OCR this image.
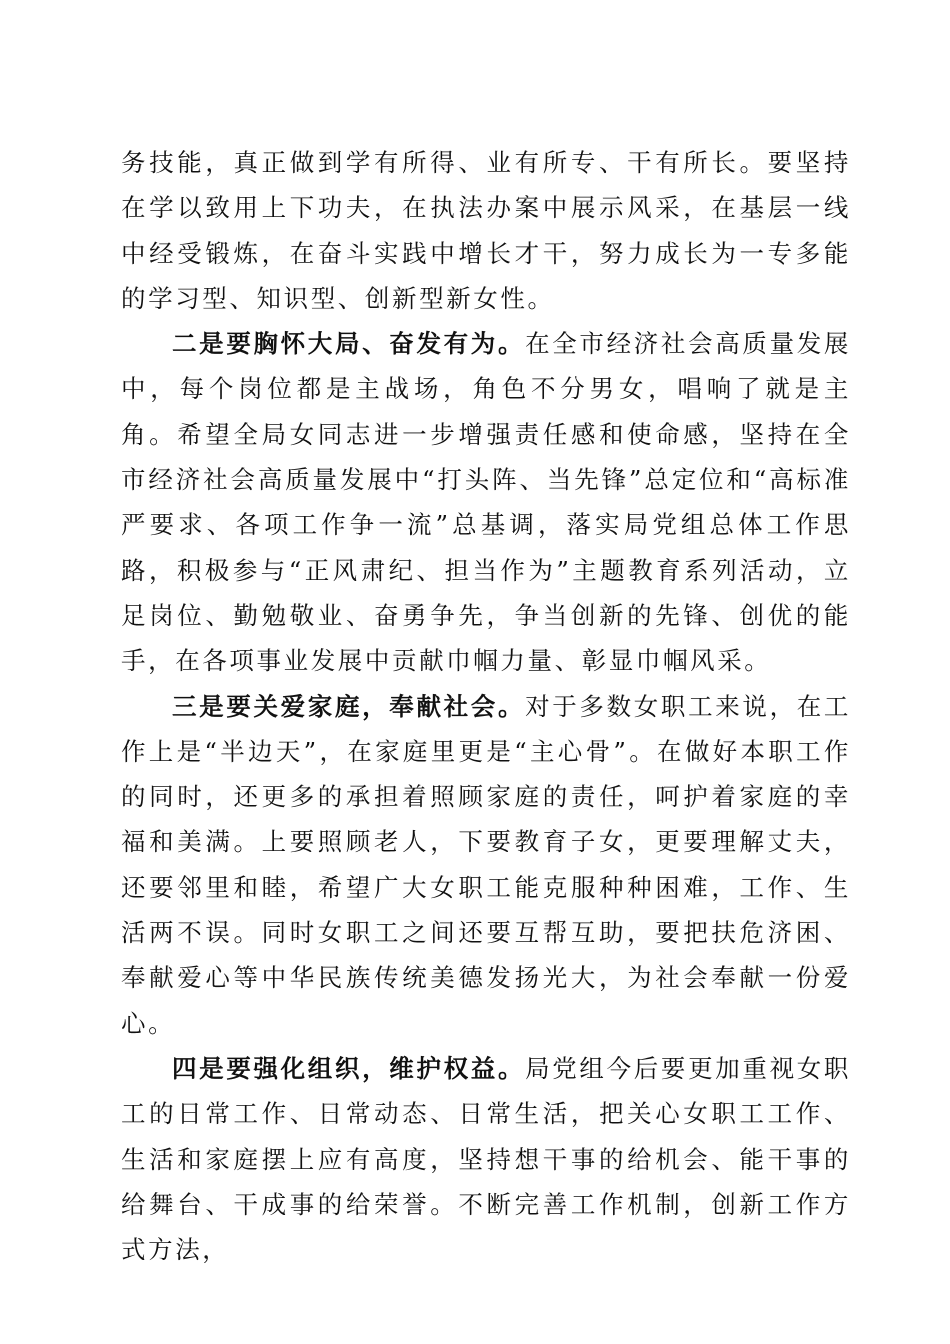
务技能，真正做到学有所得、业有所专、干有所长。要坚持在学以致用上下功夫，在执法办案中展示风采，在基层一线中经受锻炼，在奋斗实践中增长才干，努力成长为一专多能的学习型、知识型、创新型新女性。

二是要胸怀大局、奋发有为。在全市经济社会高质量发展中，每个岗位都是主战场，角色不分男女，唱响了就是主角。希望全局女同志进一步增强责任感和使命感，坚持在全市经济社会高质量发展中“打头阵、当先锋”总定位和“高标准严要求、各项工作争一流”总基调，落实局党组总体工作思路，积极参与“正风肃纪、担当作为”主题教育系列活动，立足岗位、勤勉敬业、奋勇争先，争当创新的先锋、创优的能手，在各项事业发展中贡献巾帼力量、彰显巾帼风采。

三是要关爱家庭，奉献社会。对于多数女职工来说，在工作上是“半边天”，在家庭里更是“主心骨”。在做好本职工作的同时，还更多的承担着照顾家庭的责任，呵护着家庭的幸福和美满。上要照顾老人，下要教育子女，更要理解丈夫，还要邻里和睦，希望广大女职工能克服种种困难，工作、生活两不误。同时女职工之间还要互帮互助，要把扶危济困、奉献爱心等中华民族传统美德发扬光大，为社会奉献一份爱心。

四是要强化组织，维护权益。局党组今后要更加重视女职工的日常工作、日常动态、日常生活，把关心女职工工作、生活和家庭摆上应有高度，坚持想干事的给机会、能干事的给舞台、干成事的给荣誉。不断完善工作机制，创新工作方式方法，
